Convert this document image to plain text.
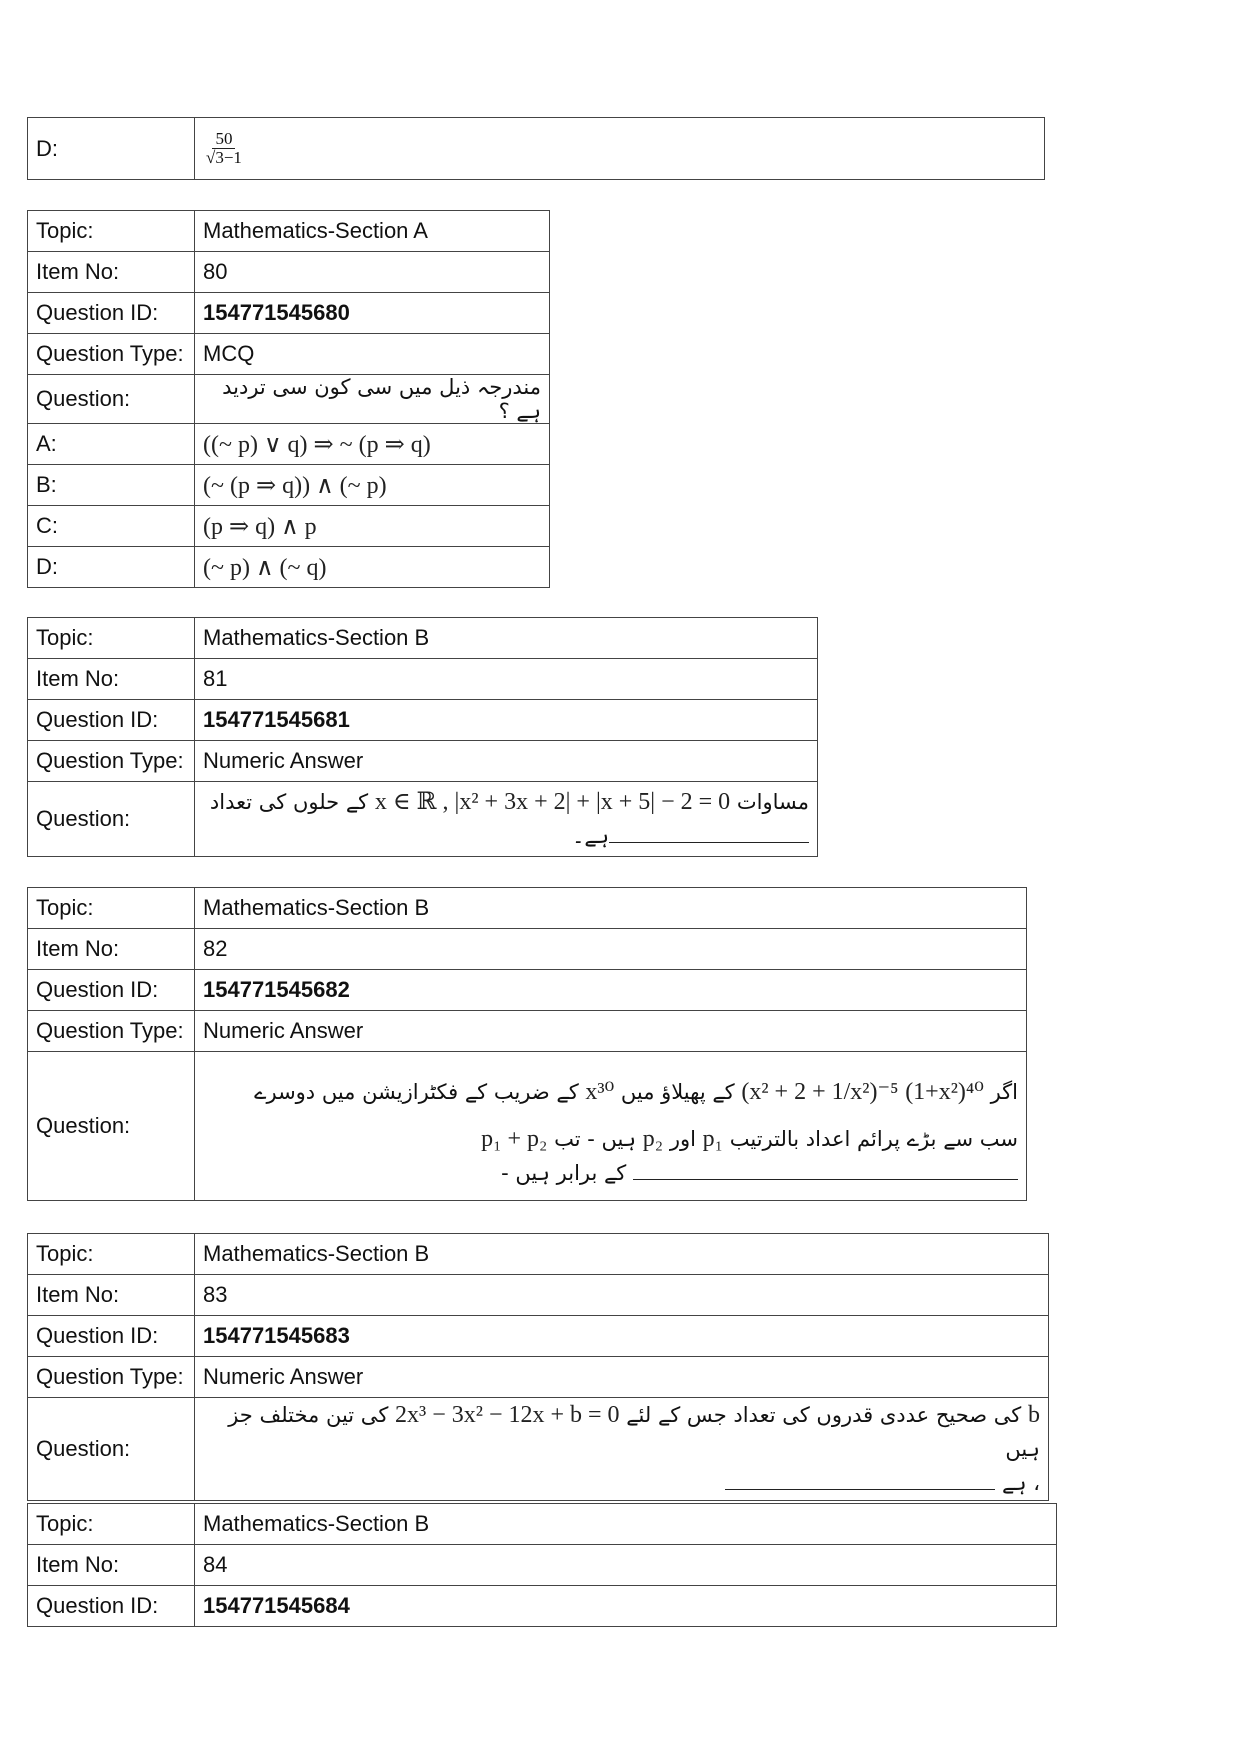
D:	$\frac{50}{√3-1}$
Topic:	Mathematics-Section A
Item No:	80
Question ID:	154771545680
Question Type:	MCQ
Question:	مندرجہ ذیل میں سی کون سی تردید ہے ؟
A:	((~ p) ∨ q) ⇒ ~ (p ⇒ q)
B:	(~ (p ⇒ q)) ∧ (~ p)
C:	(p ⇒ q) ∧ p
D:	(~ p) ∧ (~ q)
Topic:	Mathematics-Section B
Item No:	81
Question ID:	154771545681
Question Type:	Numeric Answer
Question:	مساوات x ∈ ℝ , |x² + 3x + 2| + |x + 5| − 2 = 0 کے حلوں کی تعداد
ہے۔
Topic:	Mathematics-Section B
Item No:	82
Question ID:	154771545682
Question Type:	Numeric Answer
Question:	اگر (1+x²)⁴⁰ (x² + 2 + 1/x²)⁻⁵ کے پھیلاؤ میں x³⁰ کے ضریب کے فکٹرازیشن میں دوسرے
سب سے بڑے پرائم اعداد بالترتیب p₁ اور p₂ ہیں - تب p₁ + p₂
کے برابر ہیں -
Topic:	Mathematics-Section B
Item No:	83
Question ID:	154771545683
Question Type:	Numeric Answer
Question:	b کی صحیح عددی قدروں کی تعداد جس کے لئے 2x³ − 3x² − 12x + b = 0 کی تین مختلف جز ہیں
، ہے
Topic:	Mathematics-Section B
Item No:	84
Question ID:	154771545684
